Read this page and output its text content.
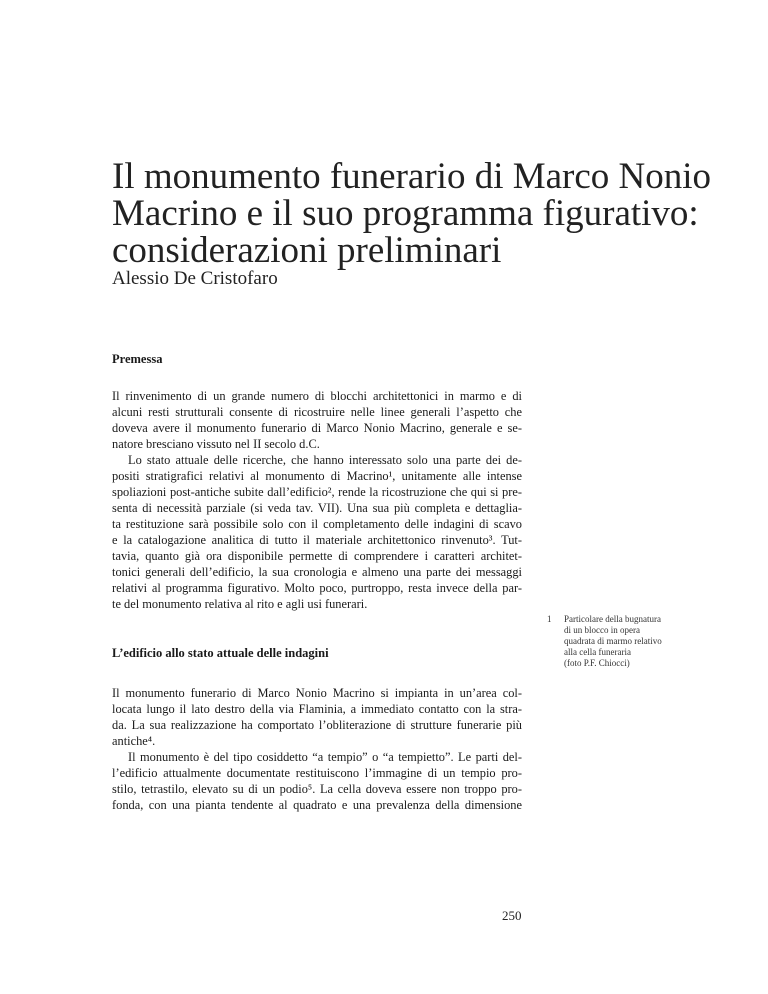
Il monumento funerario di Marco Nonio
Macrino e il suo programma figurativo:
considerazioni preliminari
Alessio De Cristofaro
Premessa
Il rinvenimento di un grande numero di blocchi architettonici in marmo e di
alcuni resti strutturali consente di ricostruire nelle linee generali l’aspetto che
doveva avere il monumento funerario di Marco Nonio Macrino, generale e se-
natore bresciano vissuto nel II secolo d.C.
Lo stato attuale delle ricerche, che hanno interessato solo una parte dei de-
positi stratigrafici relativi al monumento di Macrino¹, unitamente alle intense
spoliazioni post-antiche subite dall’edificio², rende la ricostruzione che qui si pre-
senta di necessità parziale (si veda tav. VII). Una sua più completa e dettaglia-
ta restituzione sarà possibile solo con il completamento delle indagini di scavo
e la catalogazione analitica di tutto il materiale architettonico rinvenuto³. Tut-
tavia, quanto già ora disponibile permette di comprendere i caratteri architet-
tonici generali dell’edificio, la sua cronologia e almeno una parte dei messaggi
relativi al programma figurativo. Molto poco, purtroppo, resta invece della par-
te del monumento relativa al rito e agli usi funerari.
L’edificio allo stato attuale delle indagini
Il monumento funerario di Marco Nonio Macrino si impianta in un’area col-
locata lungo il lato destro della via Flaminia, a immediato contatto con la stra-
da. La sua realizzazione ha comportato l’obliterazione di strutture funerarie più
antiche⁴.
Il monumento è del tipo cosiddetto “a tempio” o “a tempietto”. Le parti del-
l’edificio attualmente documentate restituiscono l’immagine di un tempio pro-
stilo, tetrastilo, elevato su di un podio⁵. La cella doveva essere non troppo pro-
fonda, con una pianta tendente al quadrato e una prevalenza della dimensione
1 Particolare della bugnatura
di un blocco in opera
quadrata di marmo relativo
alla cella funeraria
(foto P.F. Chiocci)
250
